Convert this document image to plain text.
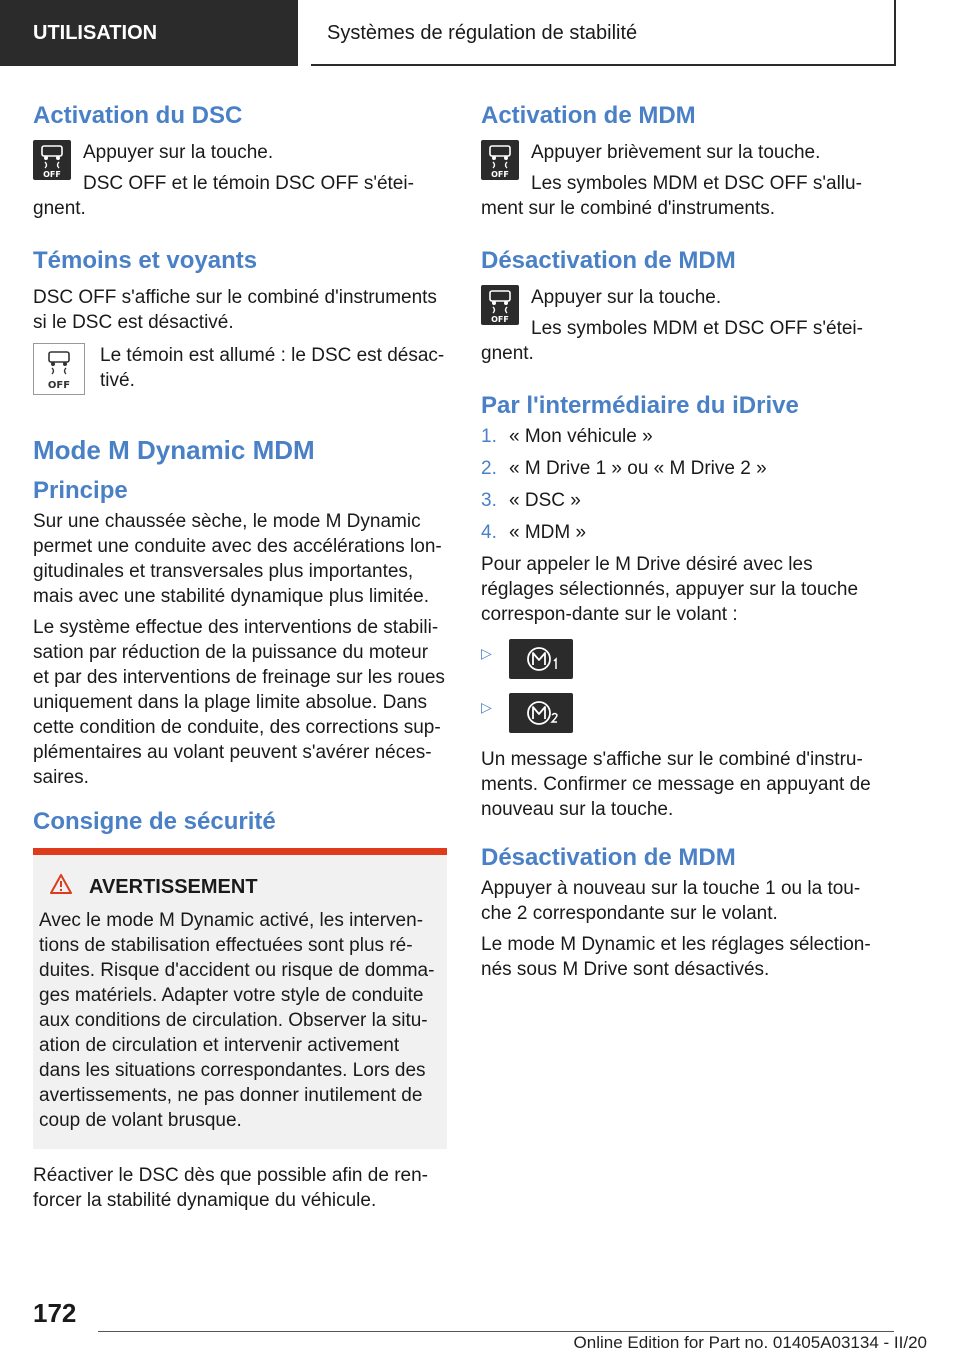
UTILISATION	Systèmes de régulation de stabilité
Activation du DSC
OFF

Appuyer sur la touche.

DSC OFF et le témoin DSC OFF s'étei-

gnent.

Témoins et voyants

DSC OFF s'affiche sur le combiné d'instruments si le DSC est désactivé.

OFF

Le témoin est allumé : le DSC est désac-

tivé.

Mode M Dynamic MDM
Principe

Sur une chaussée sèche, le mode M Dynamic permet une conduite avec des accélérations lon-gitudinales et transversales plus importantes, mais avec une stabilité dynamique plus limitée.

Le système effectue des interventions de stabili-sation par réduction de la puissance du moteur et par des interventions de freinage sur les roues uniquement dans la plage limite absolue. Dans cette condition de conduite, des corrections sup-plémentaires au volant peuvent s'avérer néces-saires.

Consigne de sécurité
AVERTISSEMENT

Avec le mode M Dynamic activé, les interven-tions de stabilisation effectuées sont plus ré-duites. Risque d'accident ou risque de domma-ges matériels. Adapter votre style de conduite aux conditions de circulation. Observer la situ-ation de circulation et intervenir activement dans les situations correspondantes. Lors des avertissements, ne pas donner inutilement de coup de volant brusque.

Réactiver le DSC dès que possible afin de ren-forcer la stabilité dynamique du véhicule.

Activation de MDM
OFF

Appuyer brièvement sur la touche.

Les symboles MDM et DSC OFF s'allu-

ment sur le combiné d'instruments.

Désactivation de MDM
OFF

Appuyer sur la touche.

Les symboles MDM et DSC OFF s'étei-

gnent.

Par l'intermédiaire du iDrive
1. « Mon véhicule »
2. « M Drive 1 » ou « M Drive 2 »
3. « DSC »
4. « MDM »

Pour appeler le M Drive désiré avec les réglages sélectionnés, appuyer sur la touche correspon-dante sur le volant :

▷
▷

Un message s'affiche sur le combiné d'instru-ments. Confirmer ce message en appuyant de nouveau sur la touche.

Désactivation de MDM

Appuyer à nouveau sur la touche 1 ou la tou-che 2 correspondante sur le volant.

Le mode M Dynamic et les réglages sélection-nés sous M Drive sont désactivés.

172
Online Edition for Part no. 01405A03134 - II/20
